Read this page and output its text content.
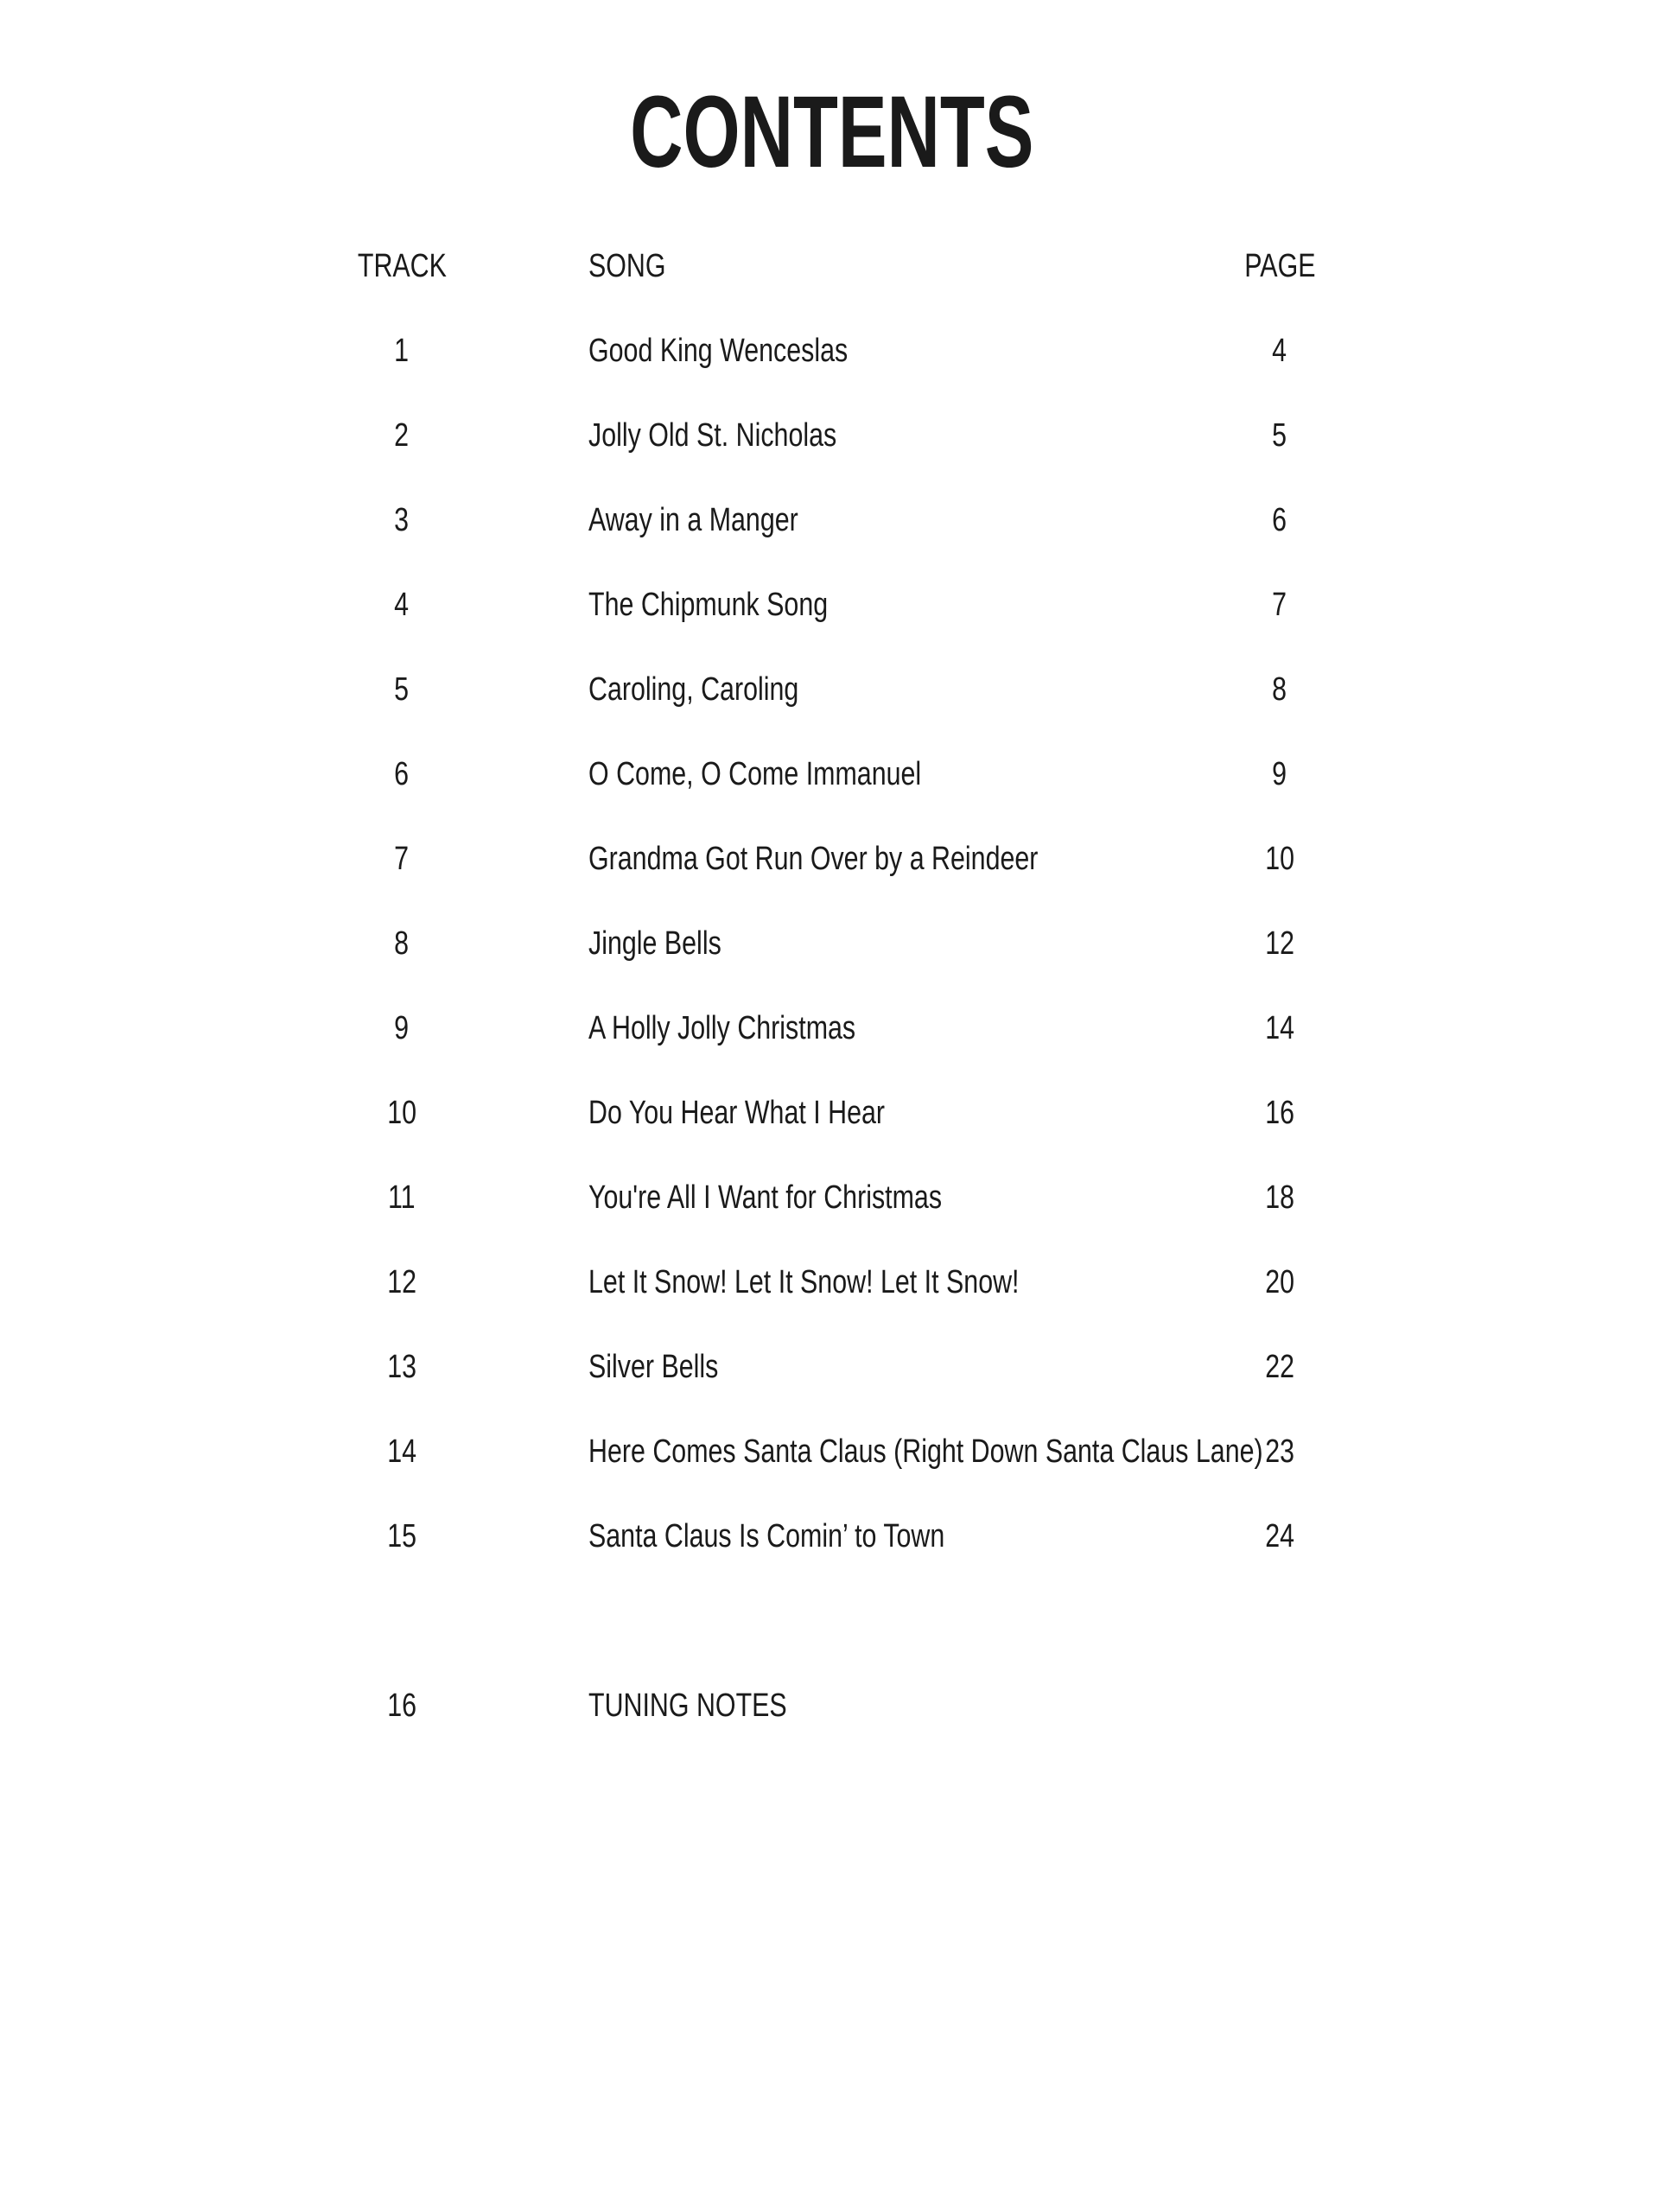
CONTENTS
TRACK	SONG	PAGE
1	Good King Wenceslas	4
2	Jolly Old St. Nicholas	5
3	Away in a Manger	6
4	The Chipmunk Song	7
5	Caroling, Caroling	8
6	O Come, O Come Immanuel	9
7	Grandma Got Run Over by a Reindeer	10
8	Jingle Bells	12
9	A Holly Jolly Christmas	14
10	Do You Hear What I Hear	16
11	You're All I Want for Christmas	18
12	Let It Snow! Let It Snow! Let It Snow!	20
13	Silver Bells	22
14	Here Comes Santa Claus (Right Down Santa Claus Lane) 23
15	Santa Claus Is Comin’ to Town	24
16	TUNING NOTES
